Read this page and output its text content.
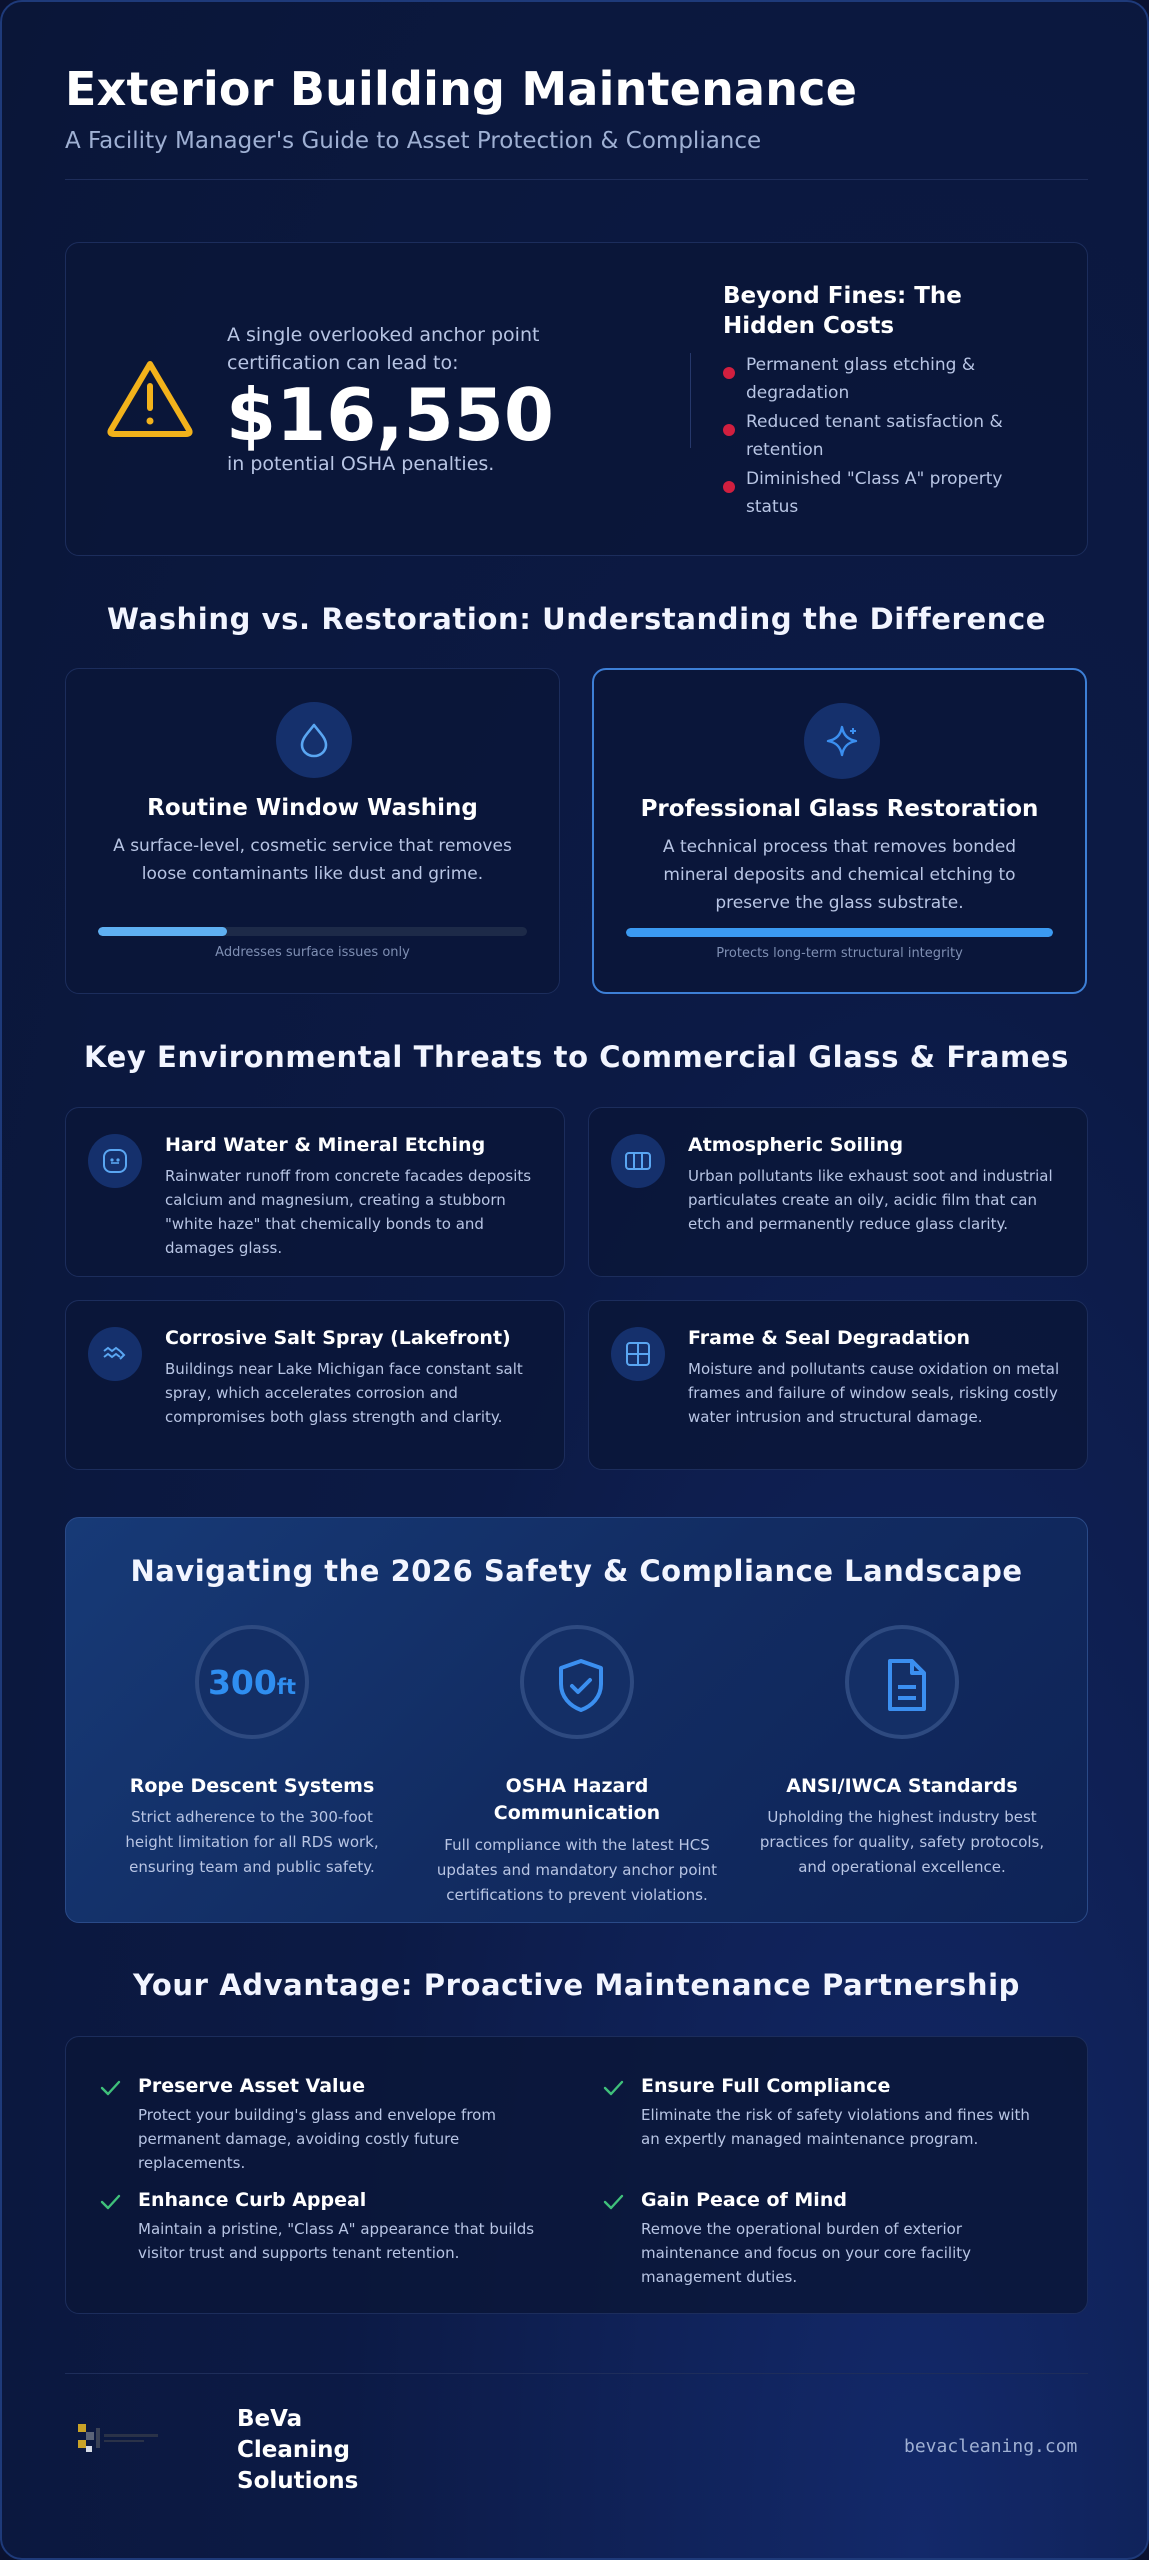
Exterior Building Maintenance
A Facility Manager's Guide to Asset Protection & Compliance
A single overlooked anchor point certification can lead to:
$16,550
in potential OSHA penalties.
Beyond Fines: The Hidden Costs
Permanent glass etching & degradation
Reduced tenant satisfaction & retention
Diminished "Class A" property status
Washing vs. Restoration: Understanding the Difference
Routine Window Washing

A surface-level, cosmetic service that removes loose contaminants like dust and grime.

Addresses surface issues only
Professional Glass Restoration

A technical process that removes bonded mineral deposits and chemical etching to preserve the glass substrate.

Protects long-term structural integrity
Key Environmental Threats to Commercial Glass & Frames
Hard Water & Mineral Etching

Rainwater runoff from concrete facades deposits calcium and magnesium, creating a stubborn "white haze" that chemically bonds to and damages glass.

Atmospheric Soiling

Urban pollutants like exhaust soot and industrial particulates create an oily, acidic film that can etch and permanently reduce glass clarity.

Corrosive Salt Spray (Lakefront)

Buildings near Lake Michigan face constant salt spray, which accelerates corrosion and compromises both glass strength and clarity.

Frame & Seal Degradation

Moisture and pollutants cause oxidation on metal frames and failure of window seals, risking costly water intrusion and structural damage.

Navigating the 2026 Safety & Compliance Landscape
300ft
Rope Descent Systems

Strict adherence to the 300-foot height limitation for all RDS work, ensuring team and public safety.

OSHA Hazard Communication

Full compliance with the latest HCS updates and mandatory anchor point certifications to prevent violations.

ANSI/IWCA Standards

Upholding the highest industry best practices for quality, safety protocols, and operational excellence.

Your Advantage: Proactive Maintenance Partnership
Preserve Asset Value

Protect your building's glass and envelope from permanent damage, avoiding costly future replacements.

Ensure Full Compliance

Eliminate the risk of safety violations and fines with an expertly managed maintenance program.

Enhance Curb Appeal

Maintain a pristine, "Class A" appearance that builds visitor trust and supports tenant retention.

Gain Peace of Mind

Remove the operational burden of exterior maintenance and focus on your core facility management duties.

BeVa Cleaning Solutions
bevacleaning.com
